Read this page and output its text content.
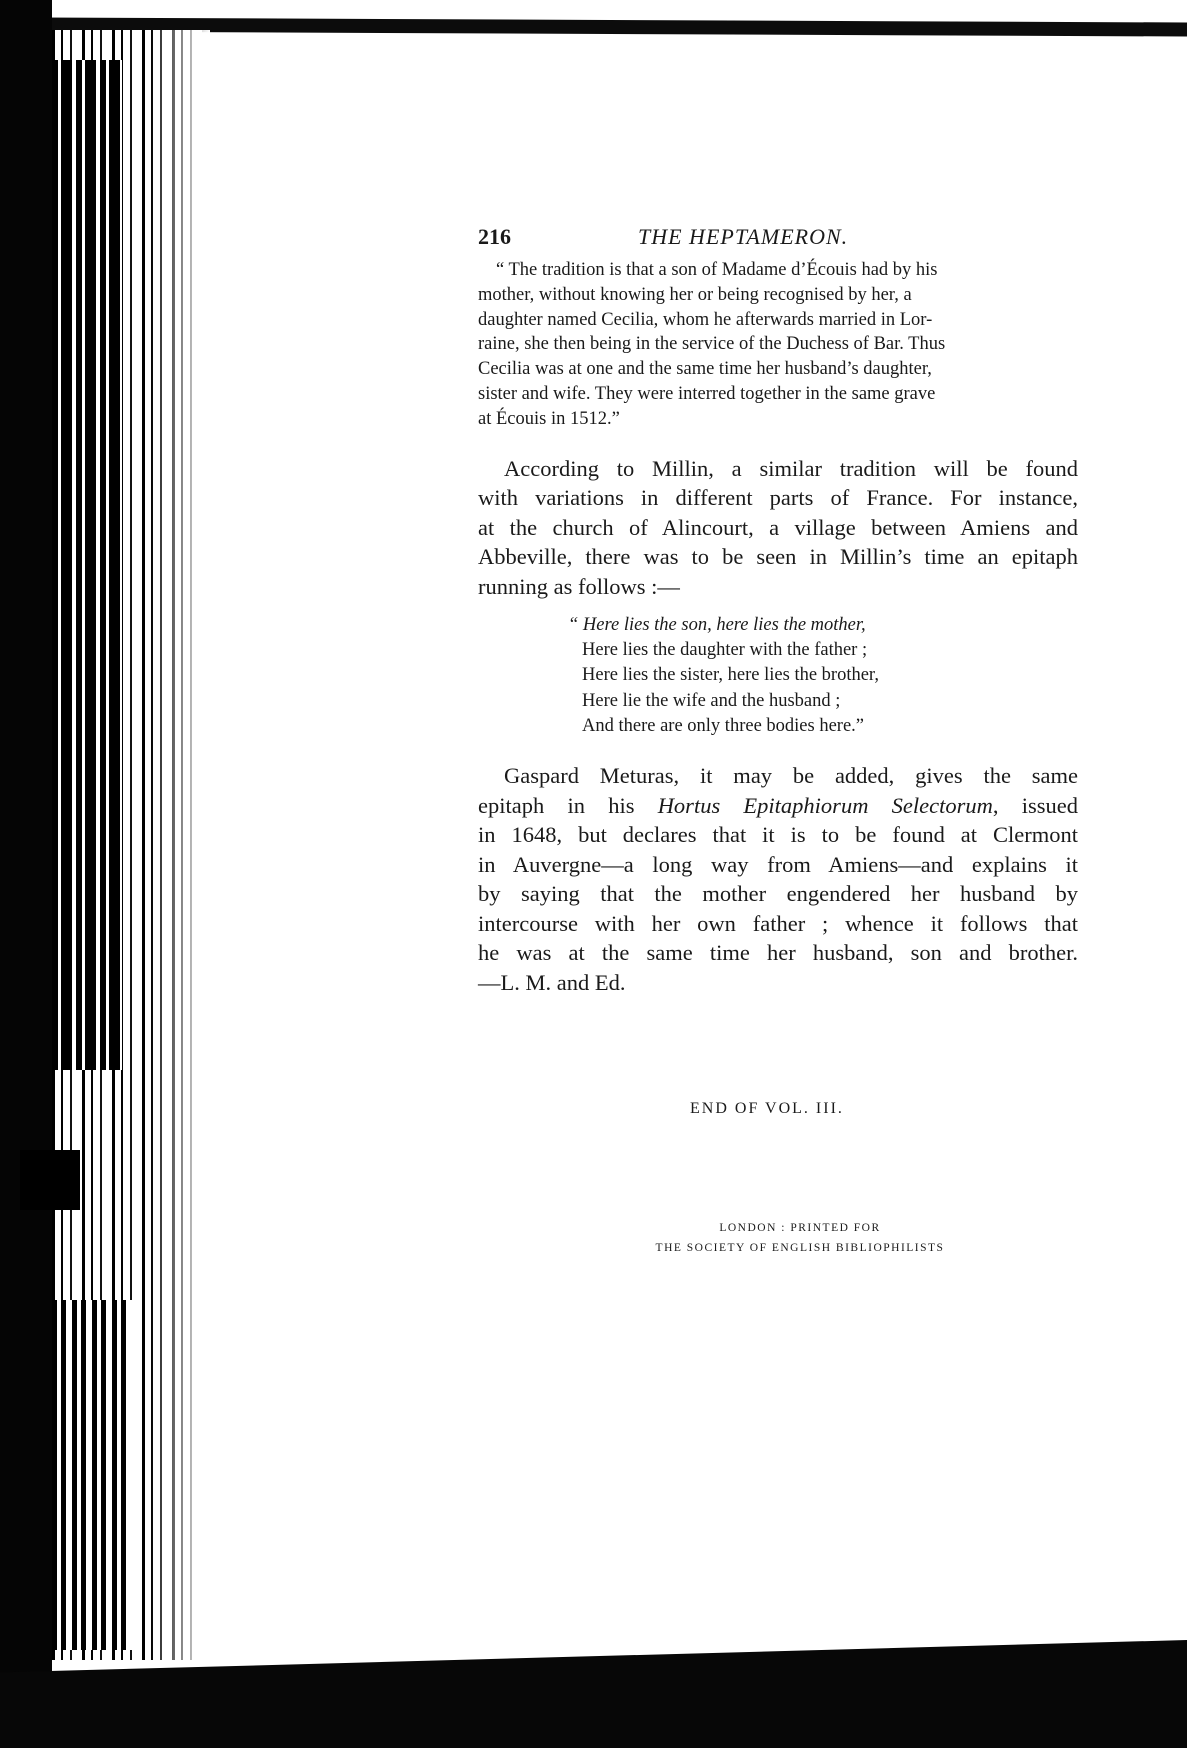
216	THE HEPTAMERON.

“ The tradition is that a son of Madame d’Écouis had by his

mother, without knowing her or being recognised by her, a

daughter named Cecilia, whom he afterwards married in Lor-

raine, she then being in the service of the Duchess of Bar. Thus

Cecilia was at one and the same time her husband’s daughter,

sister and wife. They were interred together in the same grave

at Écouis in 1512.”

According to Millin, a similar tradition will be found
with variations in different parts of France. For instance,
at the church of Alincourt, a village between Amiens and
Abbeville, there was to be seen in Millin’s time an epitaph
running as follows :—
“ Here lies the son, here lies the mother,
Here lies the daughter with the father ;
Here lies the sister, here lies the brother,
Here lie the wife and the husband ;
And there are only three bodies here.”
Gaspard Meturas, it may be added, gives the same
epitaph in his Hortus Epitaphiorum Selectorum, issued
in 1648, but declares that it is to be found at Clermont
in Auvergne—a long way from Amiens—and explains it
by saying that the mother engendered her husband by
intercourse with her own father ; whence it follows that
he was at the same time her husband, son and brother.
—L. M. and Ed.
END OF VOL. III.
LONDON : PRINTED FOR
THE SOCIETY OF ENGLISH BIBLIOPHILISTS
